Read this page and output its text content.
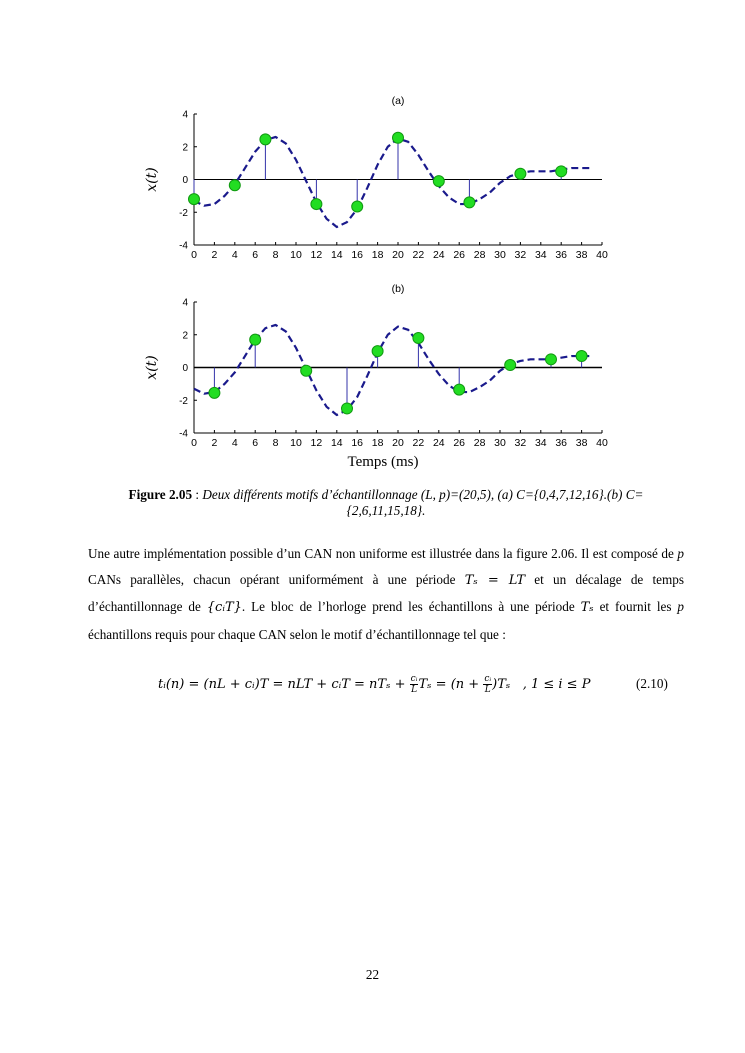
0 2 4 6 8 10 12 14 16 18 20 22 24 26 28 30 32 34 36 38 40
-4
-2
0
2
4
(a)
x(t)
0 2 4 6 8 10 12 14 16 18 20 22 24 26 28 30 32 34 36 38 40
-4
-2
0
2
4
(b)
x(t)
Temps (ms)
Figure 2.05 : Deux différents motifs d’échantillonnage (L, p)=(20,5), (a) C={0,4,7,12,16}.(b) C={2,6,11,15,18}.
Une autre implémentation possible d’un CAN non uniforme est illustrée dans la figure 2.06. Il est composé de p CANs parallèles, chacun opérant uniformément à une période Tₛ = LT et un décalage de temps d’échantillonnage de {cᵢT}. Le bloc de l’horloge prend les échantillons à une période Tₛ et fournit les p échantillons requis pour chaque CAN selon le motif d’échantillonnage tel que :
tᵢ(n) = (nL + cᵢ)T = nLT + cᵢT = $nT_s + \frac{\text{cᵢ}}{L}$ $T_s = (n + \frac{\text{cᵢ}}{L} )T_s$ , 1 ≤ i ≤ P	(2.10)
22
